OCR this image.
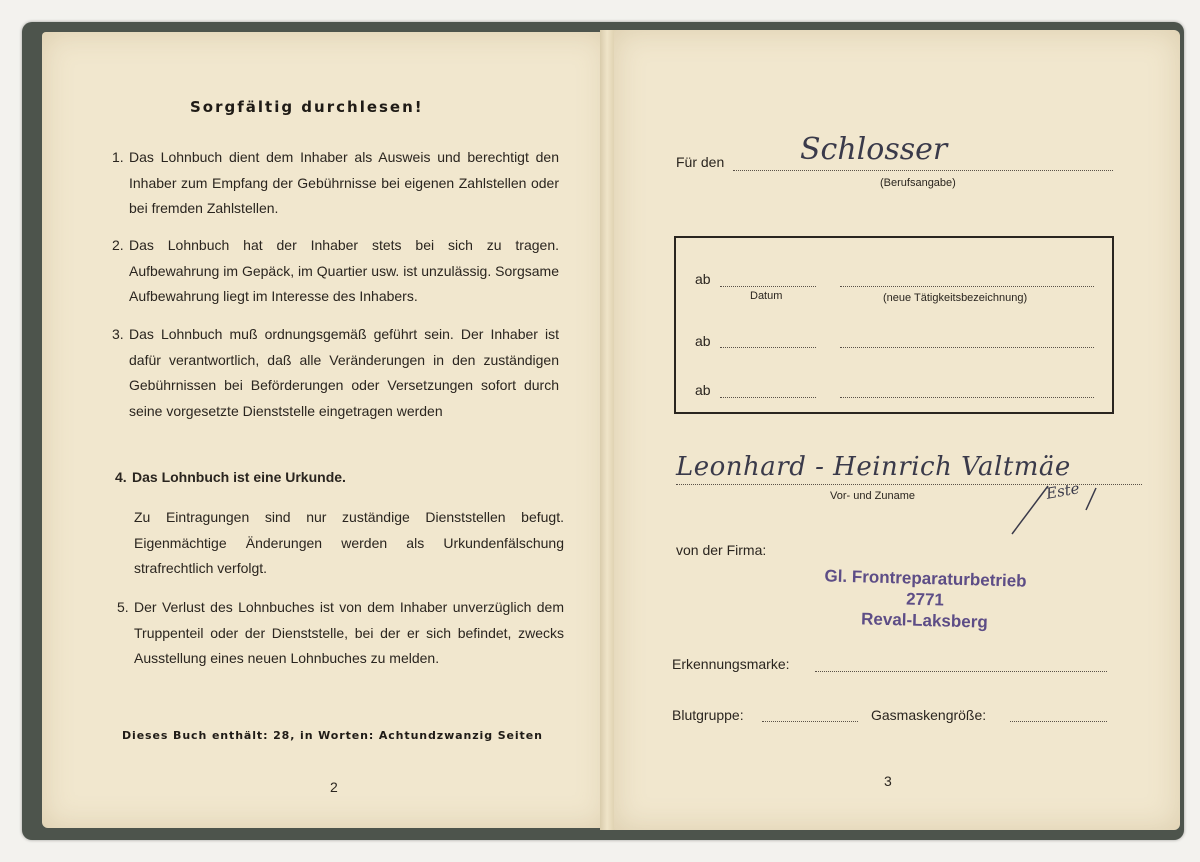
Sorgfältig durchlesen!
1. Das Lohnbuch dient dem Inhaber als Ausweis und berechtigt den Inhaber zum Empfang der Gebührnisse bei eigenen Zahlstellen oder bei fremden Zahlstellen.
2. Das Lohnbuch hat der Inhaber stets bei sich zu tragen. Aufbewahrung im Gepäck, im Quartier usw. ist unzulässig. Sorgsame Aufbewahrung liegt im Interesse des Inhabers.
3. Das Lohnbuch muß ordnungsgemäß geführt sein. Der Inhaber ist dafür verantwortlich, daß alle Veränderungen in den zuständigen Gebührnissen bei Beförderungen oder Versetzungen sofort durch seine vorgesetzte Dienststelle eingetragen werden
4. Das Lohnbuch ist eine Urkunde.
Zu Eintragungen sind nur zuständige Dienststellen befugt. Eigenmächtige Änderungen werden als Urkundenfälschung strafrechtlich verfolgt.
5. Der Verlust des Lohnbuches ist von dem Inhaber unverzüglich dem Truppenteil oder der Dienststelle, bei der er sich befindet, zwecks Ausstellung eines neuen Lohnbuches zu melden.
Dieses Buch enthält: 28, in Worten: Achtundzwanzig Seiten
2
Für den	Schlosser
(Berufsangabe)
ab
Datum	(neue Tätigkeitsbezeichnung)
ab
ab
Leonhard - Heinrich Valtmäe
Vor- und Zuname	Este
von der Firma:
Gl. Frontreparaturbetrieb
2771
Reval-Laksberg
Erkennungsmarke:
Blutgruppe:	Gasmaskengröße:
3
